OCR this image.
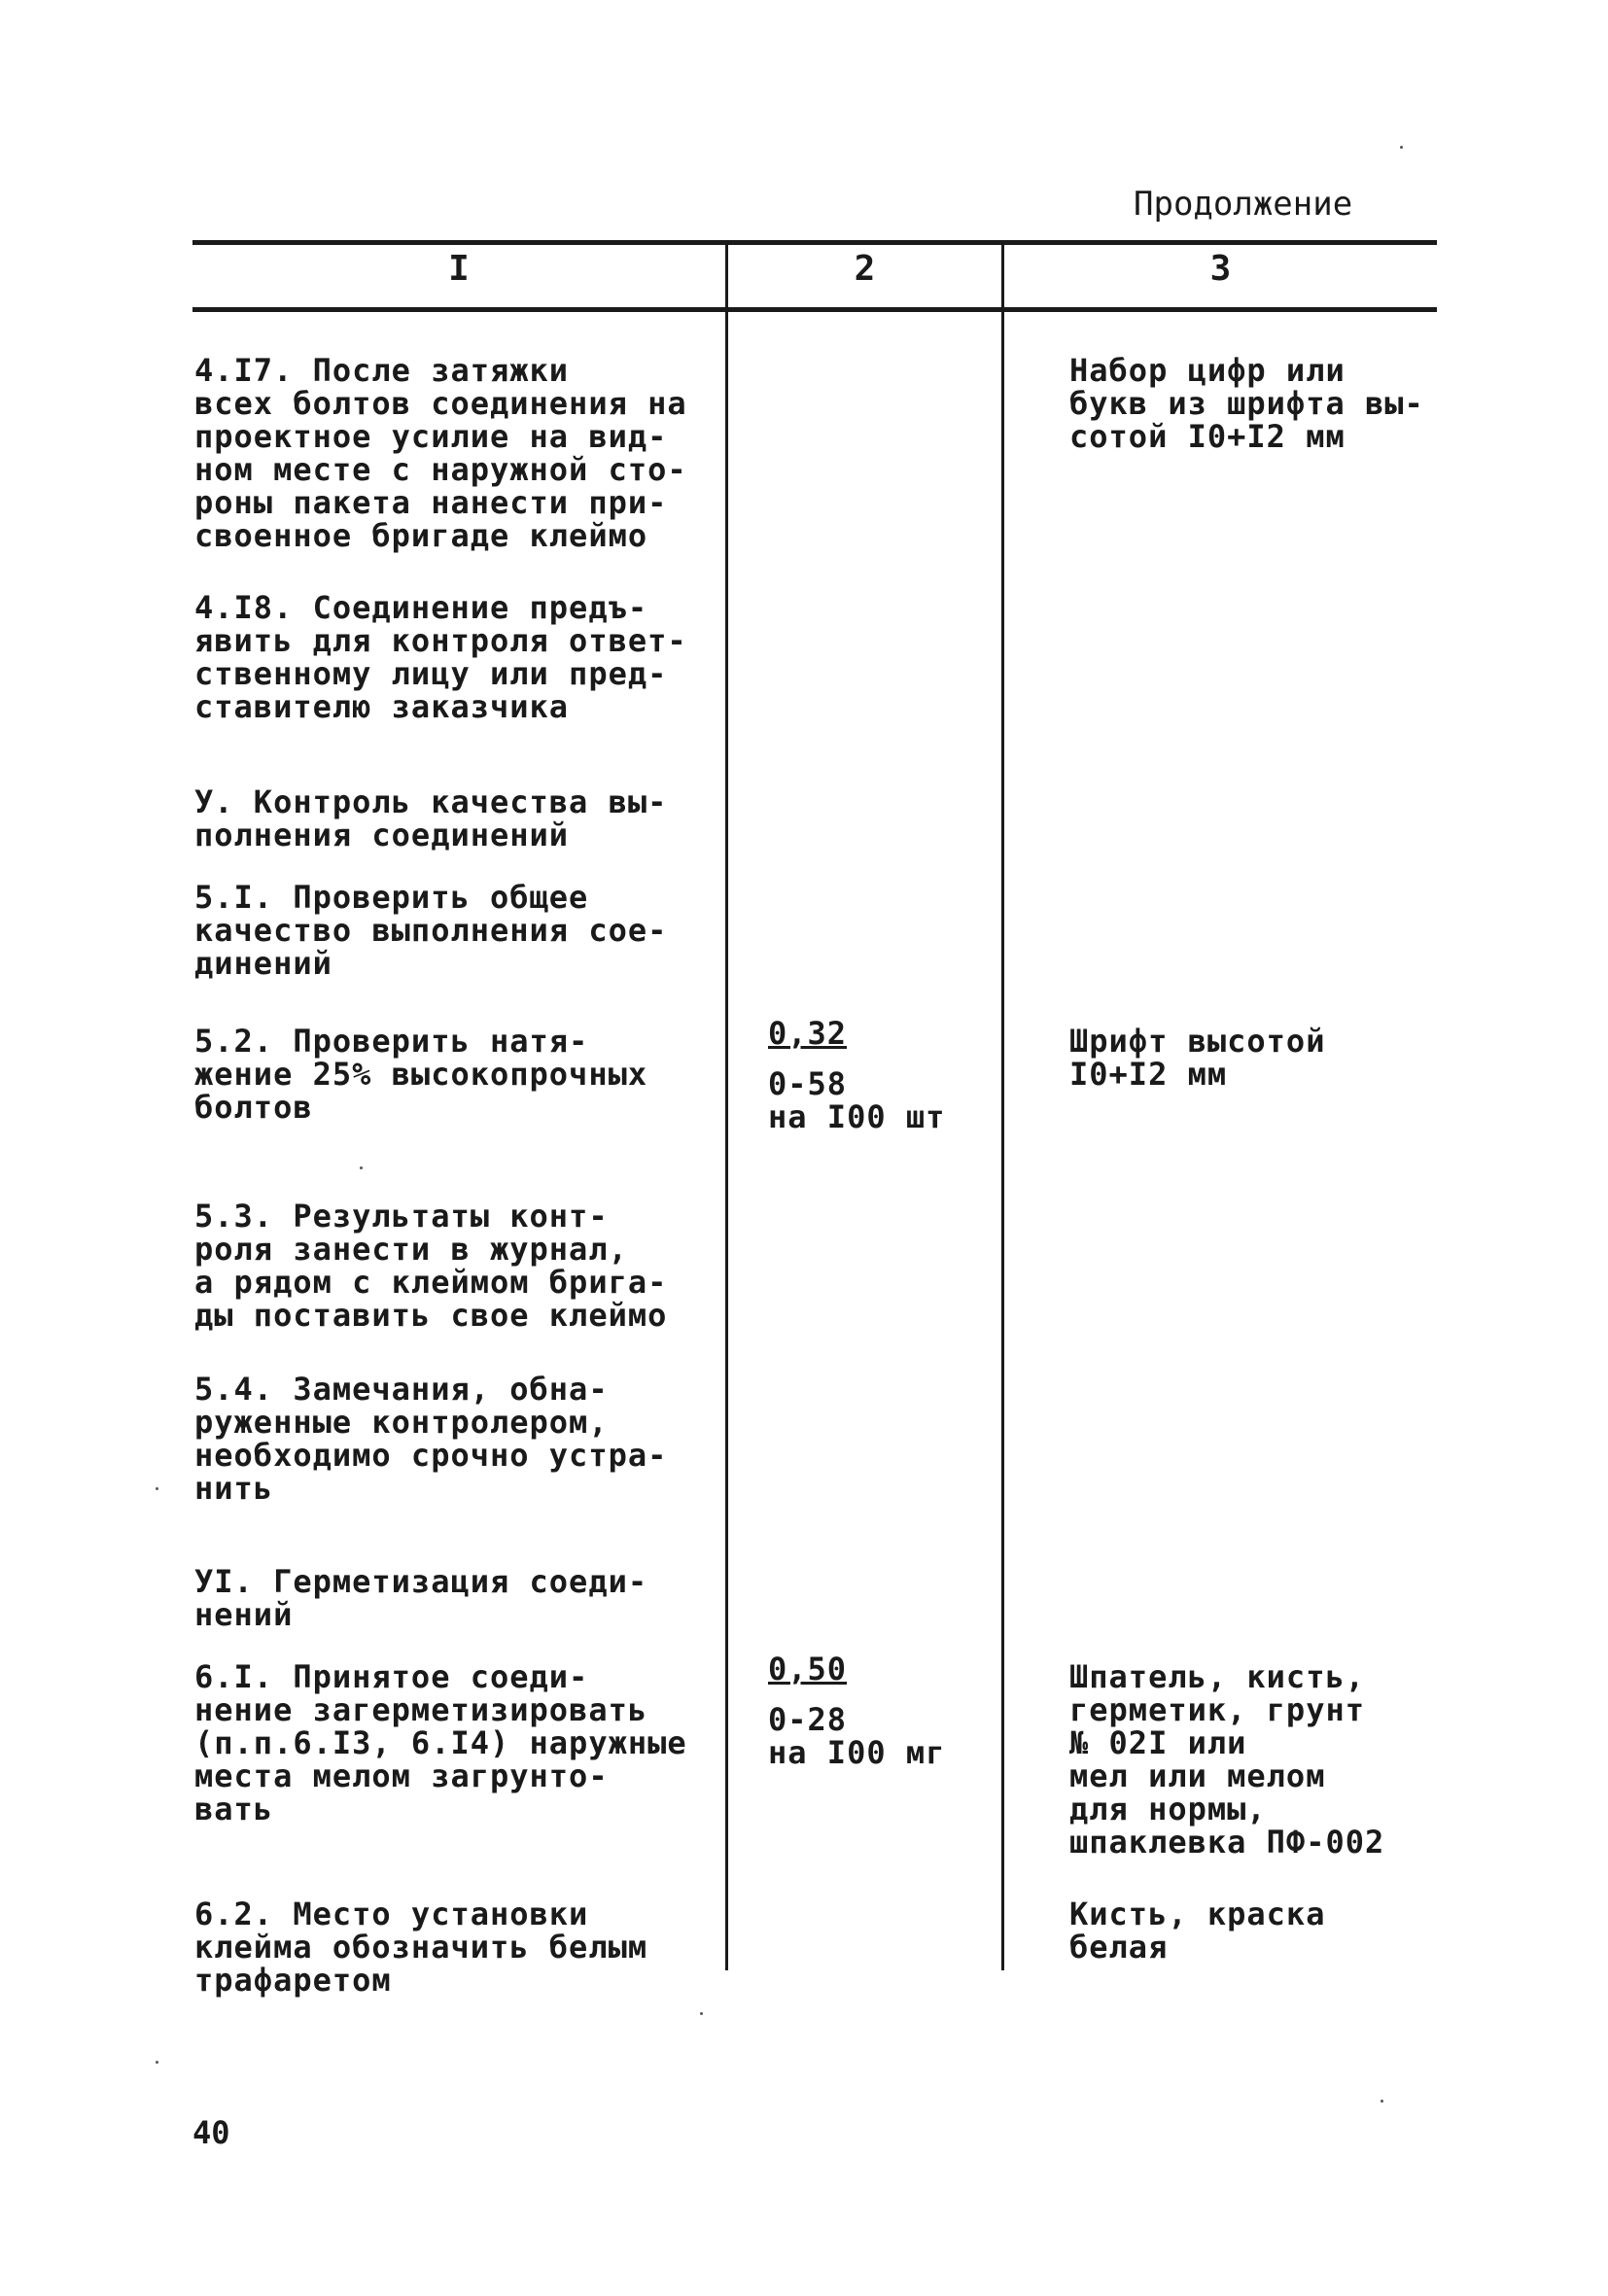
Продолжение
I	2	3
4.I7. После затяжки
всех болтов соединения на
проектное усилие на вид-
ном месте с наружной сто-
роны пакета нанести при-
своенное бригаде клеймо
Набор цифр или
букв из шрифта вы-
сотой I0+I2 мм
4.I8. Соединение предъ-
явить для контроля ответ-
ственному лицу или пред-
ставителю заказчика
У. Контроль качества вы-
полнения соединений
5.I. Проверить общее
качество выполнения сое-
динений
5.2. Проверить натя-
жение 25% высокопрочных
болтов
0,32
0-58
на I00 шт
Шрифт высотой
I0+I2 мм
5.3. Результаты конт-
роля занести в журнал,
а рядом с клеймом брига-
ды поставить свое клеймо
5.4. Замечания, обна-
руженные контролером,
необходимо срочно устра-
нить
УI. Герметизация соеди-
нений
6.I. Принятое соеди-
нение загерметизировать
(п.п.6.I3, 6.I4) наружные
места мелом загрунто-
вать
0,50
0-28
на I00 мг
Шпатель, кисть,
герметик, грунт
№ 02I или
мел или мелом
для нормы,
шпаклевка ПФ-002
6.2. Место установки
клейма обозначить белым
трафаретом
Кисть, краска
белая
40
